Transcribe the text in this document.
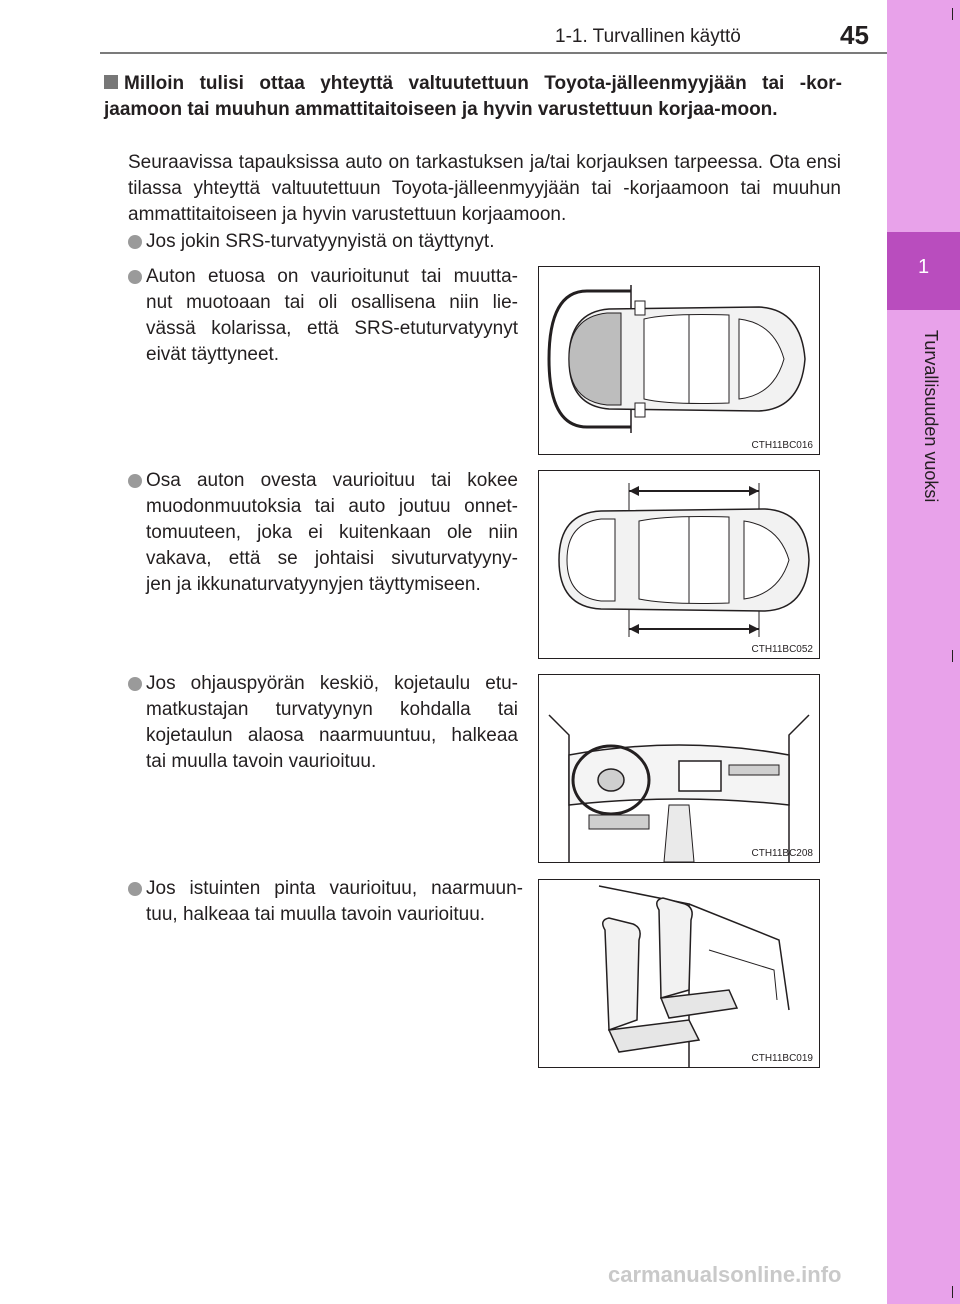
1-1. Turvallinen käyttö	45
1
Turvallisuuden vuoksi
Milloin tulisi ottaa yhteyttä valtuutettuun Toyota-jälleenmyyjään tai -kor-jaamoon tai muuhun ammattitaitoiseen ja hyvin varustettuun korjaa-moon.
Seuraavissa tapauksissa auto on tarkastuksen ja/tai korjauksen tarpeessa. Ota ensi tilassa yhteyttä valtuutettuun Toyota-jälleenmyyjään tai -korjaamoon tai muuhun ammattitaitoiseen ja hyvin varustettuun korjaamoon.
Jos jokin SRS-turvatyynyistä on täyttynyt.
Auton etuosa on vaurioitunut tai muutta-
nut muotoaan tai oli osallisena niin lie-
vässä kolarissa, että SRS-etuturvatyynyt
eivät täyttyneet.
Osa auton ovesta vaurioituu tai kokee
muodonmuutoksia tai auto joutuu onnet-
tomuuteen, joka ei kuitenkaan ole niin
vakava, että se johtaisi sivuturvatyyny-
jen ja ikkunaturvatyynyjen täyttymiseen.
Jos ohjauspyörän keskiö, kojetaulu etu-
matkustajan turvatyynyn kohdalla tai
kojetaulun alaosa naarmuuntuu, halkeaa
tai muulla tavoin vaurioituu.
Jos istuinten pinta vaurioituu, naarmuun-
tuu, halkeaa tai muulla tavoin vaurioituu.
CTH11BC016
CTH11BC052
CTH11BC208
CTH11BC019
carmanualsonline.info
